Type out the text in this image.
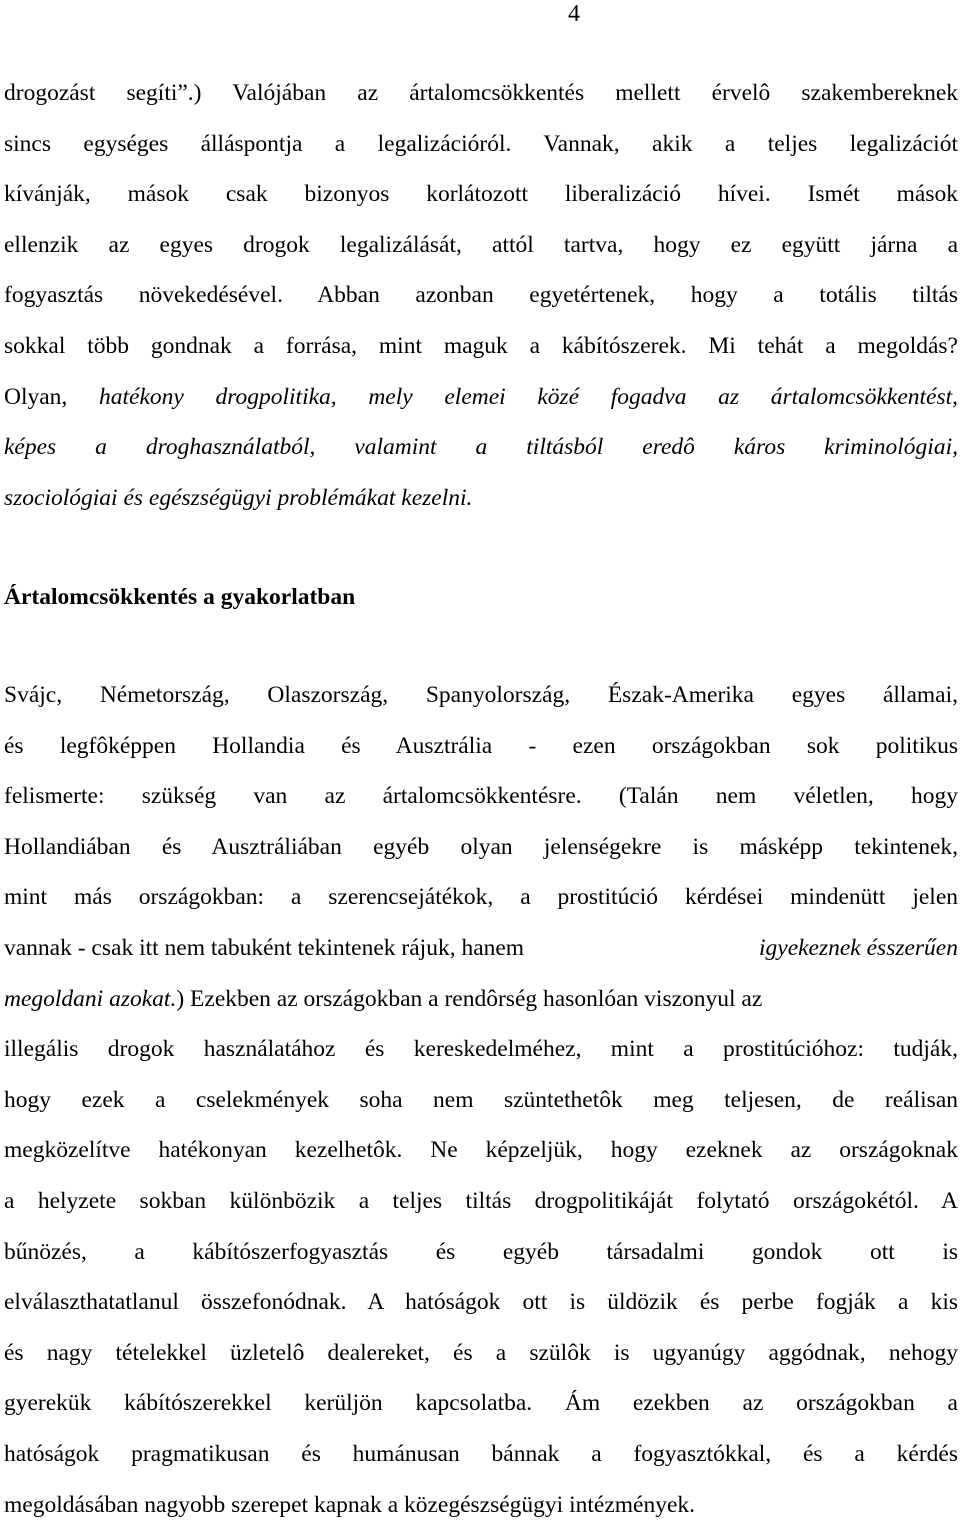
4
drogozást segíti”.) Valójában az ártalomcsökkentés mellett érvelô szakembereknek
sincs egységes álláspontja a legalizációról. Vannak, akik a teljes legalizációt
kívánják, mások csak bizonyos korlátozott liberalizáció hívei. Ismét mások
ellenzik az egyes drogok legalizálását, attól tartva, hogy ez együtt járna a
fogyasztás növekedésével. Abban azonban egyetértenek, hogy a totális tiltás
sokkal több gondnak a forrása, mint maguk a kábítószerek. Mi tehát a megoldás?
Olyan, hatékony drogpolitika, mely elemei közé fogadva az ártalomcsökkentést,
képes a droghasználatból, valamint a tiltásból eredô káros kriminológiai,
szociológiai és egészségügyi problémákat kezelni.
Ártalomcsökkentés a gyakorlatban
Svájc, Németország, Olaszország, Spanyolország, Észak-Amerika egyes államai,
és legfôképpen Hollandia és Ausztrália - ezen országokban sok politikus
felismerte: szükség van az ártalomcsökkentésre. (Talán nem véletlen, hogy
Hollandiában és Ausztráliában egyéb olyan jelenségekre is másképp tekintenek,
mint más országokban: a szerencsejátékok, a prostitúció kérdései mindenütt jelen
vannak - csak itt nem tabuként tekintenek rájuk, hanem	igyekeznek ésszerűen
megoldani azokat.) Ezekben az országokban a rendôrség hasonlóan viszonyul az
illegális drogok használatához és kereskedelméhez, mint a prostitúcióhoz: tudják,
hogy ezek a cselekmények soha nem szüntethetôk meg teljesen, de reálisan
megközelítve hatékonyan kezelhetôk. Ne képzeljük, hogy ezeknek az országoknak
a helyzete sokban különbözik a teljes tiltás drogpolitikáját folytató országokétól. A
bűnözés, a kábítószerfogyasztás és egyéb társadalmi gondok ott is
elválaszthatatlanul összefonódnak. A hatóságok ott is üldözik és perbe fogják a kis
és nagy tételekkel üzletelô dealereket, és a szülôk is ugyanúgy aggódnak, nehogy
gyerekük kábítószerekkel kerüljön kapcsolatba. Ám ezekben az országokban a
hatóságok pragmatikusan és humánusan bánnak a fogyasztókkal, és a kérdés
megoldásában nagyobb szerepet kapnak a közegészségügyi intézmények.
